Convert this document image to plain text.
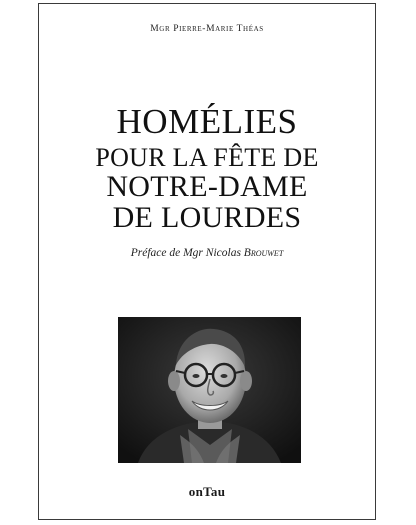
Mgr Pierre-Marie Théas
HOMÉLIES
POUR LA FÊTE DE
NOTRE-DAME
DE LOURDES
Préface de Mgr Nicolas Brouwet
onTau
